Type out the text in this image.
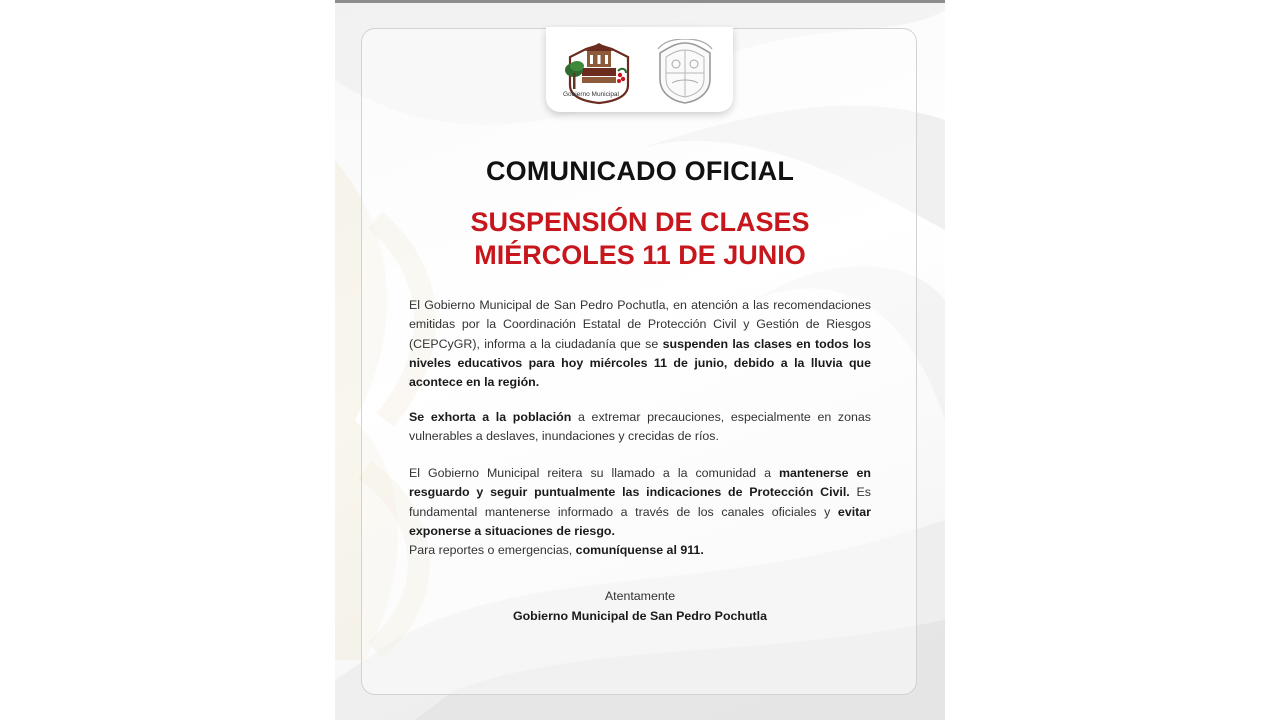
Gobierno Municipal
COMUNICADO OFICIAL
SUSPENSIÓN DE CLASES
MIÉRCOLES 11 DE JUNIO

El Gobierno Municipal de San Pedro Pochutla, en atención a las recomendaciones emitidas por la Coordinación Estatal de Protección Civil y Gestión de Riesgos (CEPCyGR), informa a la ciudadanía que se suspenden las clases en todos los niveles educativos para hoy miércoles 11 de junio, debido a la lluvia que acontece en la región.

Se exhorta a la población a extremar precauciones, especialmente en zonas vulnerables a deslaves, inundaciones y crecidas de ríos.

El Gobierno Municipal reitera su llamado a la comunidad a mantenerse en resguardo y seguir puntualmente las indicaciones de Protección Civil. Es fundamental mantenerse informado a través de los canales oficiales y evitar exponerse a situaciones de riesgo.
Para reportes o emergencias, comuníquense al 911.

Atentamente
Gobierno Municipal de San Pedro Pochutla
